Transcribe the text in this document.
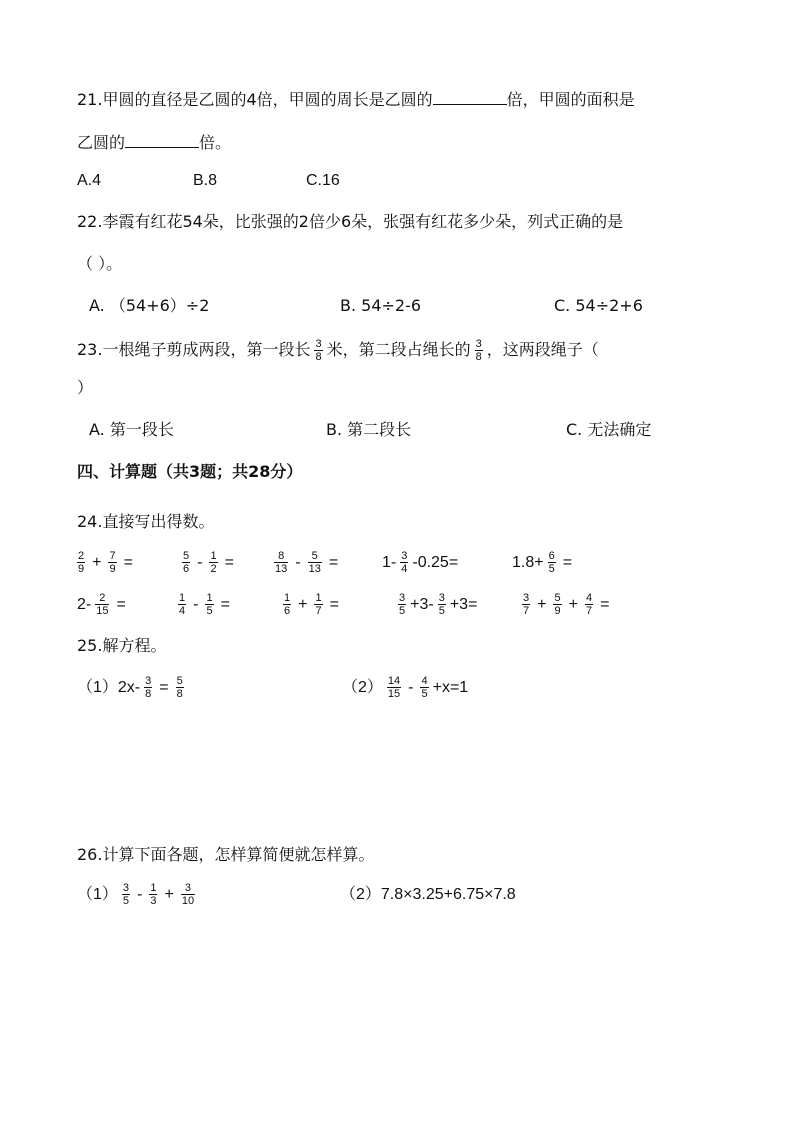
21.甲圆的直径是乙圆的4倍，甲圆的周长是乙圆的	倍，甲圆的面积是
乙圆的	倍。
A.4	B.8	C.16
22.李霞有红花54朵，比张强的2倍少6朵，张强有红花多少朵，列式正确的是
（ ）。
A. （54+6）÷2	B. 54÷2-6	C. 54÷2+6
23.一根绳子剪成两段，第一段长 $\frac{3}{8}$ 米，第二段占绳长的 $\frac{3}{8}$ ，这两段绳子（
）
A. 第一段长	B. 第二段长	C. 无法确定
四、计算题（共3题；共28分）
24.直接写出得数。
$\frac{2}{9} + \frac{7}{9}$ =	$\frac{5}{6} - \frac{1}{2}$ =	$\frac{8}{13} - \frac{5}{13}$ =	$1- \frac{3}{4} -0.25=$	$1.8+ \frac{6}{5}$ =
$2- \frac{2}{15}$ =	$\frac{1}{4} - \frac{1}{5}$ =	$\frac{1}{6} + \frac{1}{7}$ =	$\frac{3}{5} +3- \frac{3}{5} +3=$	$\frac{3}{7} + \frac{5}{9} + \frac{4}{7}$ =
25.解方程。
$(1)2x- \frac{3}{8} = \frac{5}{8}$	$(2) \frac{14}{15} - \frac{4}{5} +x=1$
26.计算下面各题，怎样算简便就怎样算。
$(1) \frac{3}{5} - \frac{1}{3} + \frac{3}{10}$	（2）7.8×3.25+6.75×7.8
